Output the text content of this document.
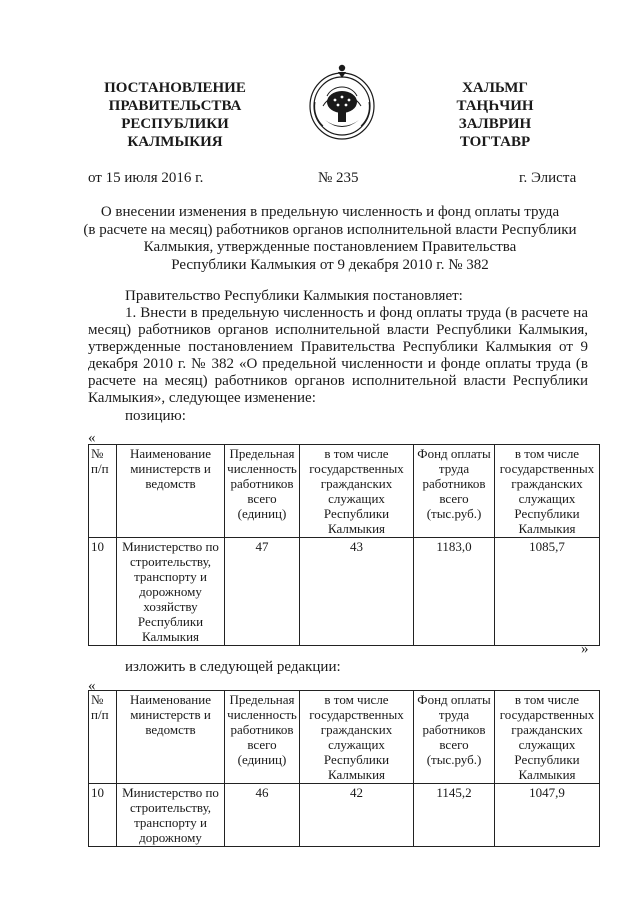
ПОСТАНОВЛЕНИЕ
ПРАВИТЕЛЬСТВА
РЕСПУБЛИКИ
КАЛМЫКИЯ
ХАЛЬМГ
ТАҢҺЧИН
ЗАЛВРИН
ТОГТАВР
от 15 июля 2016 г.	№ 235	г. Элиста
О внесении изменения в предельную численность и фонд оплаты труда
(в расчете на месяц) работников органов исполнительной власти Республики
Калмыкия, утвержденные постановлением Правительства
Республики Калмыкия от 9 декабря 2010 г. № 382
Правительство Республики Калмыкия постановляет:
1. Внести в предельную численность и фонд оплаты труда (в расчете на месяц) работников органов исполнительной власти Республики Калмыкия, утвержденные постановлением Правительства Республики Калмыкия от 9 декабря 2010 г. № 382 «О предельной численности и фонде оплаты труда (в расчете на месяц) работников органов исполнительной власти Республики Калмыкия», следующее изменение:
позицию:
«
№ п/п	Наименование министерств и ведомств	Предельная численность работников всего (единиц)	в том числе государственных гражданских служащих Республики Калмыкия	Фонд оплаты труда работников всего (тыс.руб.)	в том числе государственных гражданских служащих Республики Калмыкия
10	Министерство по строительству, транспорту и дорожному хозяйству Республики Калмыкия	47	43	1183,0	1085,7
»
изложить в следующей редакции:
«
№ п/п	Наименование министерств и ведомств	Предельная численность работников всего (единиц)	в том числе государственных гражданских служащих Республики Калмыкия	Фонд оплаты труда работников всего (тыс.руб.)	в том числе государственных гражданских служащих Республики Калмыкия
10	Министерство по строительству, транспорту и дорожному	46	42	1145,2	1047,9
